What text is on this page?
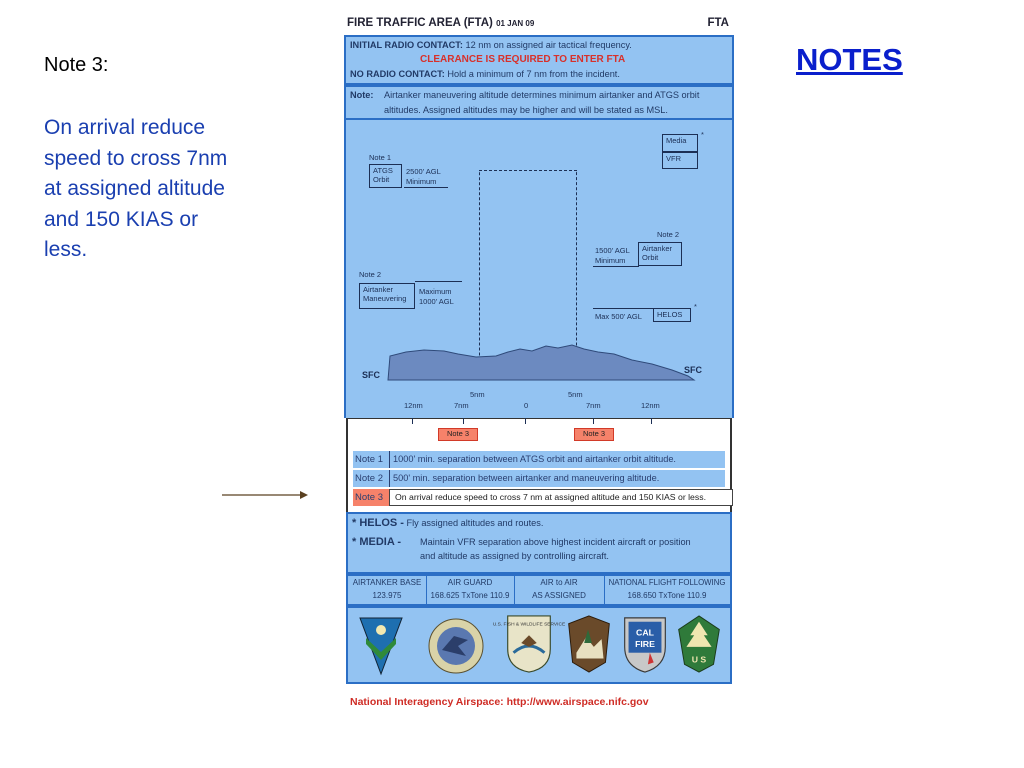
Note 3:
On arrival reduce speed to cross 7nm at assigned altitude and 150 KIAS or less.
NOTES
FIRE TRAFFIC AREA (FTA) 01 JAN 09	FTA
INITIAL RADIO CONTACT: 12 nm on assigned air tactical frequency.
CLEARANCE IS REQUIRED TO ENTER FTA
NO RADIO CONTACT: Hold a minimum of 7 nm from the incident.
Note: Airtanker maneuvering altitude determines minimum airtanker and ATGS orbit
altitudes. Assigned altitudes may be higher and will be stated as MSL.
Note 1
ATGS
Orbit
2500' AGL
Minimum
Media
VFR
*
Note 2
1500' AGL
Minimum
Airtanker
Orbit
Note 2
Airtanker
Maneuvering
Maximum
1000' AGL
Max 500' AGL	HELOS
*
SFC	SFC
5nm	5nm
12nm	7nm	0	7nm	12nm
Note 3	Note 3
Note 1	1000' min. separation between ATGS orbit and airtanker orbit altitude.
Note 2	500' min. separation between airtanker and maneuvering altitude.
Note 3	On arrival reduce speed to cross 7 nm at assigned altitude and 150 KIAS or less.
* HELOS - Fly assigned altitudes and routes.
* MEDIA - Maintain VFR separation above highest incident aircraft or position
and altitude as assigned by controlling aircraft.
AIRTANKER BASE
123.975
AIR GUARD
168.625 TxTone 110.9
AIR to AIR
AS ASSIGNED
NATIONAL FLIGHT FOLLOWING
168.650 TxTone 110.9
U.S. FISH & WILDLIFE SERVICE
CAL
FIRE
U S
National Interagency Airspace: http://www.airspace.nifc.gov
